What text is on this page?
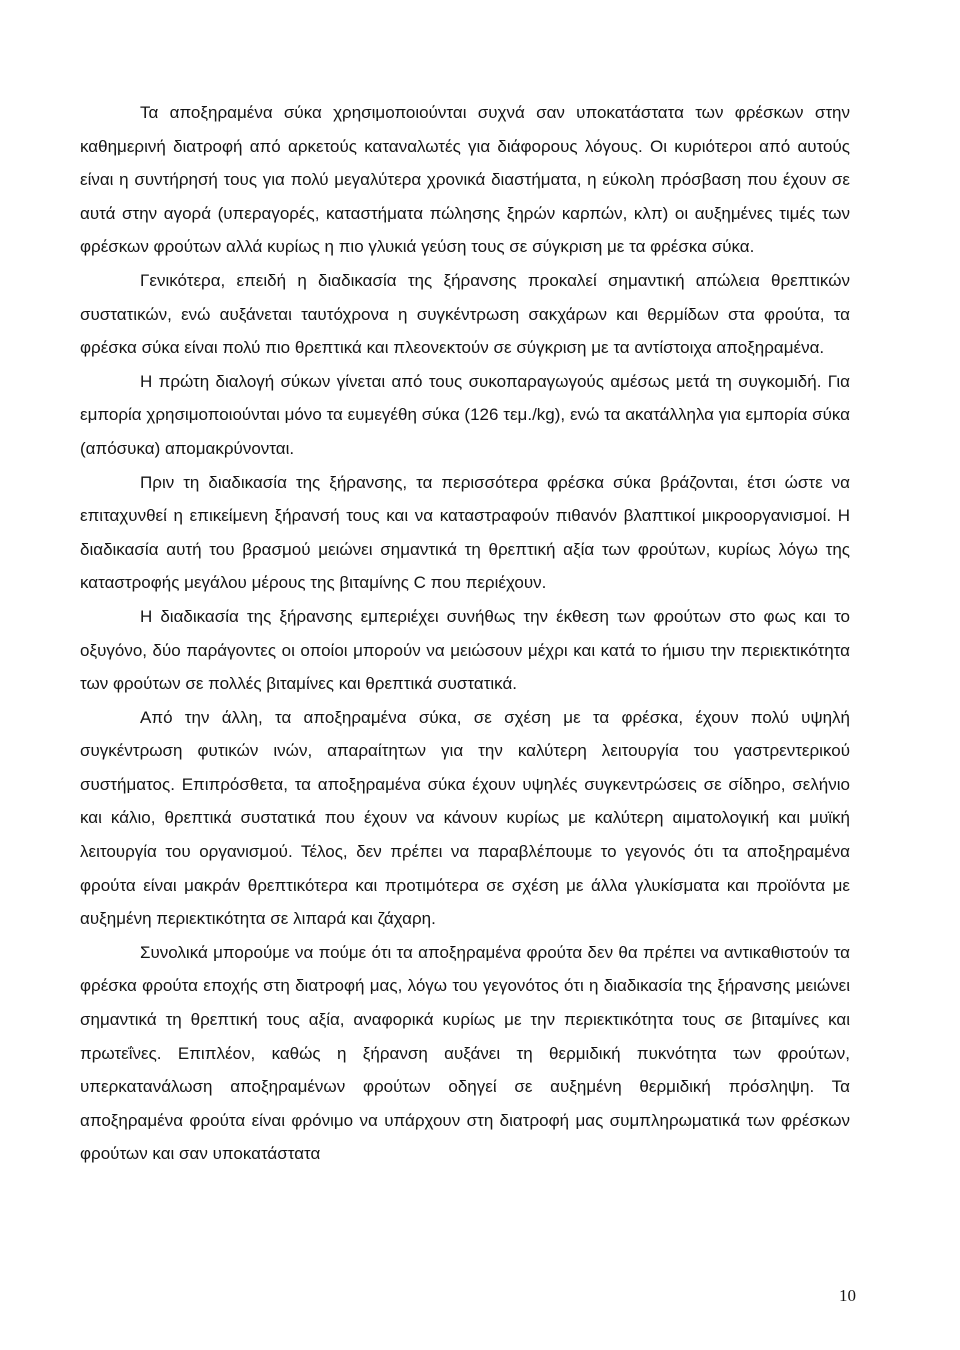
Τα αποξηραμένα σύκα χρησιμοποιούνται συχνά σαν υποκατάστατα των φρέσκων στην καθημερινή διατροφή από αρκετούς καταναλωτές για διάφορους λόγους. Οι κυριότεροι από αυτούς είναι η συντήρησή τους για πολύ μεγαλύτερα χρονικά διαστήματα, η εύκολη πρόσβαση που έχουν σε αυτά στην αγορά (υπεραγορές, καταστήματα πώλησης ξηρών καρπών, κλπ) οι αυξημένες τιμές των φρέσκων φρούτων αλλά κυρίως η πιο γλυκιά γεύση τους σε σύγκριση με τα φρέσκα σύκα.

Γενικότερα, επειδή η διαδικασία της ξήρανσης προκαλεί σημαντική απώλεια θρεπτικών συστατικών, ενώ αυξάνεται ταυτόχρονα η συγκέντρωση σακχάρων και θερμίδων στα φρούτα, τα φρέσκα σύκα είναι πολύ πιο θρεπτικά και πλεονεκτούν σε σύγκριση με τα αντίστοιχα αποξηραμένα.

Η πρώτη διαλογή σύκων γίνεται από τους συκοπαραγωγούς αμέσως μετά τη συγκομιδή. Για εμπορία χρησιμοποιούνται μόνο τα ευμεγέθη σύκα (126 τεμ./kg), ενώ τα ακατάλληλα για εμπορία σύκα (απόσυκα) απομακρύνονται.

Πριν τη διαδικασία της ξήρανσης, τα περισσότερα φρέσκα σύκα βράζονται, έτσι ώστε να επιταχυνθεί η επικείμενη ξήρανσή τους και να καταστραφούν πιθανόν βλαπτικοί μικροοργανισμοί. Η διαδικασία αυτή του βρασμού μειώνει σημαντικά τη θρεπτική αξία των φρούτων, κυρίως λόγω της καταστροφής μεγάλου μέρους της βιταμίνης C που περιέχουν.

Η διαδικασία της ξήρανσης εμπεριέχει συνήθως την έκθεση των φρούτων στο φως και το οξυγόνο, δύο παράγοντες οι οποίοι μπορούν να μειώσουν μέχρι και κατά το ήμισυ την περιεκτικότητα των φρούτων σε πολλές βιταμίνες και θρεπτικά συστατικά.

Από την άλλη, τα αποξηραμένα σύκα, σε σχέση με τα φρέσκα, έχουν πολύ υψηλή συγκέντρωση φυτικών ινών, απαραίτητων για την καλύτερη λειτουργία του γαστρεντερικού συστήματος. Επιπρόσθετα, τα αποξηραμένα σύκα έχουν υψηλές συγκεντρώσεις σε σίδηρο, σελήνιο και κάλιο, θρεπτικά συστατικά που έχουν να κάνουν κυρίως με καλύτερη αιματολογική και μυϊκή λειτουργία του οργανισμού. Τέλος, δεν πρέπει να παραβλέπουμε το γεγονός ότι τα αποξηραμένα φρούτα είναι μακράν θρεπτικότερα και προτιμότερα σε σχέση με άλλα γλυκίσματα και προϊόντα με αυξημένη περιεκτικότητα σε λιπαρά και ζάχαρη.

Συνολικά μπορούμε να πούμε ότι τα αποξηραμένα φρούτα δεν θα πρέπει να αντικαθιστούν τα φρέσκα φρούτα εποχής στη διατροφή μας, λόγω του γεγονότος ότι η διαδικασία της ξήρανσης μειώνει σημαντικά τη θρεπτική τους αξία, αναφορικά κυρίως με την περιεκτικότητα τους σε βιταμίνες και πρωτεΐνες. Επιπλέον, καθώς η ξήρανση αυξάνει τη θερμιδική πυκνότητα των φρούτων, υπερκατανάλωση αποξηραμένων φρούτων οδηγεί σε αυξημένη θερμιδική πρόσληψη. Τα αποξηραμένα φρούτα είναι φρόνιμο να υπάρχουν στη διατροφή μας συμπληρωματικά των φρέσκων φρούτων και σαν υποκατάστατα

10
